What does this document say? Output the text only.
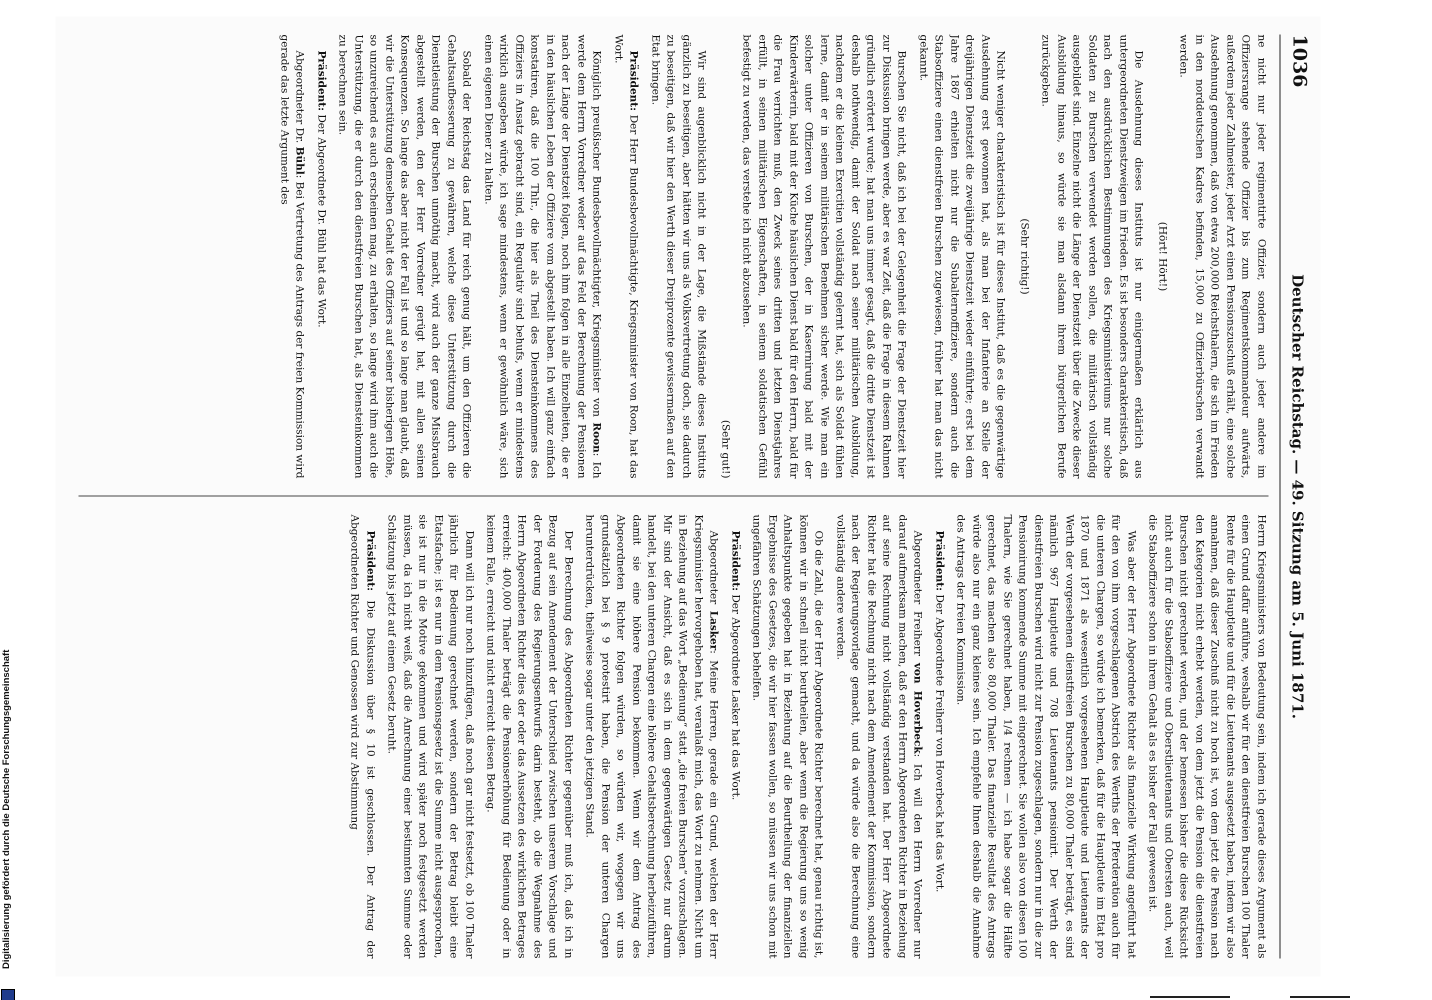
1036
Deutscher Reichstag. — 49. Sitzung am 5. Juni 1871.

ne nicht nur jeder regimentirte Offizier, sondern auch jeder andere im Offiziersrange stehende Offizier bis zum Regimentskommandeur aufwärts, außerdem jeder Zahlmeister, jeder Arzt einen Pensionszuschuß erhält, eine solche Ausdehnung genommen, daß von etwa 200,000 Reichsthalern, die sich im Frieden in den norddeutschen Kadres befinden, 15,000 zu Offizierbürschen verwandt werden.

(Hört! Hört!)

Die Ausdehnung dieses Instituts ist nur einigermaßen erklärlich aus untergeordneten Dienstzweigen im Frieden. Es ist besonders charakteristisch, daß nach den ausdrücklichen Bestimmungen des Kriegsministeriums nur solche Soldaten zu Burschen verwendet werden sollen, die militärisch vollständig ausgebildet sind. Einzelne nicht die Länge der Dienstzeit über die Zwecke dieser Ausbildung hinaus, so würde sie man alsdann ihrem bürgerlichen Berufe zurückgeben.

(Sehr richtig!)

Nicht weniger charakteristisch ist für dieses Institut, daß es die gegenwärtige Ausdehnung erst gewonnen hat, als man bei der Infanterie an Stelle der dreijährigen Dienstzeit die zweijährige Dienstzeit wieder einführte; erst bei dem Jahre 1867 erhielten nicht nur die Subalternoffiziere, sondern auch die Stabsoffiziere einen dienstfreien Burschen zugewiesen, früher hat man das nicht gekannt.

Burschen Sie nicht, daß ich bei der Gelegenheit die Frage der Dienstzeit hier zur Diskussion bringen werde, aber es war Zeit, daß die Frage in diesem Rahmen gründlich erörtert wurde; hat man uns immer gesagt, daß die dritte Dienstzeit ist deshalb nothwendig, damit der Soldat nach seiner militärischen Ausbildung, nachdem er die kleinen Exercitien vollständig gelernt hat, sich als Soldat fühlen lerne, damit er in seinem militärischen Benehmen sicher werde. Wie man ein solcher unter Offizieren von Burschen, der in Kasernirung bald mit der Kinderwärterin, bald mit der Küche häuslichen Dienst bald für den Herrn, bald für die Frau verrichten muß, den Zweck seines dritten und letzten Dienstjahres erfüllt, in seinen militärischen Eigenschaften, in seinem soldatischen Gefühl befestigt zu werden, das verstehe ich nicht abzusehen.

(Sehr gut!)

Wir sind augenblicklich nicht in der Lage, die Mißstände dieses Instituts gänzlich zu beseitigen, aber hätten wir uns als Volksvertretung doch, sie dadurch zu beseitigen, daß wir hier den Werth dieser Dreiprozente gewissermaßen auf den Etat bringen.

Präsident: Der Herr Bundesbevollmächtigte, Kriegsminister von Roon, hat das Wort.

Königlich preußischer Bundesbevollmächtigter, Kriegsminister von Roon: Ich werde dem Herrn Vorredner weder auf das Feld der Berechnung der Pensionen nach der Länge der Dienstzeit folgen, noch ihm folgen in alle Einzelheiten, die er in den häuslichen Leben der Offiziere vom abgestellt haben. Ich will ganz einfach konstatiren, daß die 100 Thlr., die hier als Theil des Diensteinkommens des Offiziers in Ansatz gebracht sind, ein Regulativ sind behufs, wenn er mindestens wirklich ausgeben würde, ich sage mindestens, wenn er gewöhnlich wäre, sich einen eigenen Diener zu halten.

Sobald der Reichstag das Land für reich genug hält, um den Offizieren die Gehaltsaufbesserung zu gewähren, welche diese Unterstützung durch die Dienstleistung der Burschen unnöthig macht, wird auch der ganze Missbrauch abgestellt werden, den der Herr Vorredner gerügt hat, mit allen seinen Konsequenzen. So lange das aber nicht der Fall ist und so lange man glaubt, daß wir die Unterstützung demselben Gehalt des Offiziers auf seiner bisherigen Höhe, so unzureichend es auch erscheinen mag, zu erhalten, so lange wird ihm auch die Unterstützung, die er durch den dienstfreien Burschen hat, als Diensteinkommen zu berechnen sein.

Präsident: Der Abgeordnete Dr. Bühl hat das Wort.

Abgeordneter Dr. Bühl: Bei Vertretung des Antrags der freien Kommission wird gerade das letzte Argument des

Herrn Kriegsministers von Bedeutung sein, indem ich gerade dieses Argument als einen Grund dafür anführe, weshalb wir für den dienstfreien Burschen 100 Thaler Rente für die Hauptleute und für die Lieutenants ausgesetzt haben, indem wir also annahmen, daß dieser Zuschuß nicht zu hoch ist, von dem jetzt die Pension nach den Kategorien nicht erhebt werden, von dem jetzt die Pension die dienstfreien Burschen nicht gerechnet werden, und der bemessen bisher die diese Rücksicht nicht auch für die Stabsoffiziere und Oberstlieutenants und Obersten auch, weil die Stabsoffiziere schon in ihrem Gehalt als es bisher der Fall gewesen ist.

Was aber der Herr Abgeordnete Richter als finanzielle Wirkung angeführt hat für den von ihm vorgeschlagenen Abstrich des Werths der Pferderation auch für die unteren Chargen, so würde ich bemerken, daß für die Hauptleute im Etat pro 1870 und 1871 als wesentlich vorgesehenen Hauptleute und Lieutenants der Werth der vorgesehenen dienstfreien Burschen zu 80,000 Thaler beträgt, es sind nämlich 967 Hauptleute und 708 Lieutenants pensionirt. Der Werth der dienstfreien Burschen wird nicht zur Pension zugeschlagen, sondern nur in die zur Pensionirung kommende Summe mit eingerechnet. Sie wollen also von diesen 100 Thalern, wie Sie gerechnet haben, 1/4 rechnen — ich habe sogar die Hälfte gerechnet, das machen also 80,000 Thaler. Das finanzielle Resultat des Antrags würde also nur ein ganz kleines sein. Ich empfehle Ihnen deshalb die Annahme des Antrags der freien Kommission.

Präsident: Der Abgeordnete Freiherr von Hoverbeck hat das Wort.

Abgeordneter Freiherr von Hoverbeck: Ich will den Herrn Vorredner nur darauf aufmerksam machen, daß er den Herrn Abgeordneten Richter in Beziehung auf seine Rechnung nicht vollständig verstanden hat. Der Herr Abgeordnete Richter hat die Rechnung nicht nach dem Amendement der Kommission, sondern nach der Regierungsvorlage gemacht, und da würde also die Berechnung eine vollständig andere werden.

Ob die Zahl, die der Herr Abgeordnete Richter berechnet hat, genau richtig ist, können wir in schnell nicht beurtheilen, aber wenn die Regierung uns so wenig Anhaltspunkte gegeben hat in Beziehung auf die Beurtheilung der finanziellen Ergebnisse des Gesetzes, die wir hier fassen wollen, so müssen wir uns schon mit ungefähren Schätzungen behelfen.

Präsident: Der Abgeordnete Lasker hat das Wort.

Abgeordneter Lasker: Meine Herren, gerade ein Grund, welchen der Herr Kriegsminister hervorgehoben hat, veranlaßt mich, das Wort zu nehmen. Nicht um in Beziehung auf das Wort „Bedienung“ statt „die freien Burschen“ vorzuschlagen. Mir sind der Ansicht, daß es sich in dem gegenwärtigen Gesetz nur darum handelt, bei den unteren Chargen eine höhere Gehaltsberechnung herbeizuführen, damit sie eine höhere Pension bekommen. Wenn wir dem Antrag des Abgeordneten Richter folgen würden, so würden wir, wogegen wir uns grundsätzlich bei § 9 protestirt haben, die Pension der unteren Chargen herunterdrücken, theilweise sogar unter den jetzigen Stand.

Der Berechnung des Abgeordneten Richter gegenüber muß ich, daß ich in Bezug auf sein Amendement der Unterschied zwischen unserem Vorschlage und der Forderung des Regierungsentwurfs darin besteht, ob die Wegnahme des Herrn Abgeordneten Richter dies der oder das Aussetzen des wirklichen Betrages erreicht: 400,000 Thaler beträgt die Pensionserhöhung für Bedienung oder in keinem Falle, erreicht und nicht erreicht diesen Betrag.

Dann will ich nur noch hinzufügen, daß noch gar nicht festsetzt, ob 100 Thaler jährlich für Bedienung gerechnet werden, sondern der Betrag bleibt eine Etatsfache; ist es nur in dem Pensionsgesetz ist die Summe nicht ausgesprochen, sie ist nur in die Motive gekommen und wird später noch festgesetzt werden müssen, da ich nicht weiß, daß die Anrechnung einer bestimmten Summe oder Schätzung bis jetzt auf einem Gesetz beruht.

Präsident: Die Diskussion über § 10 ist geschlossen. Der Antrag der Abgeordneten Richter und Genossen wird zur Abstimmung

Digitalisierung gefördert durch die Deutsche Forschungsgemeinschaft
